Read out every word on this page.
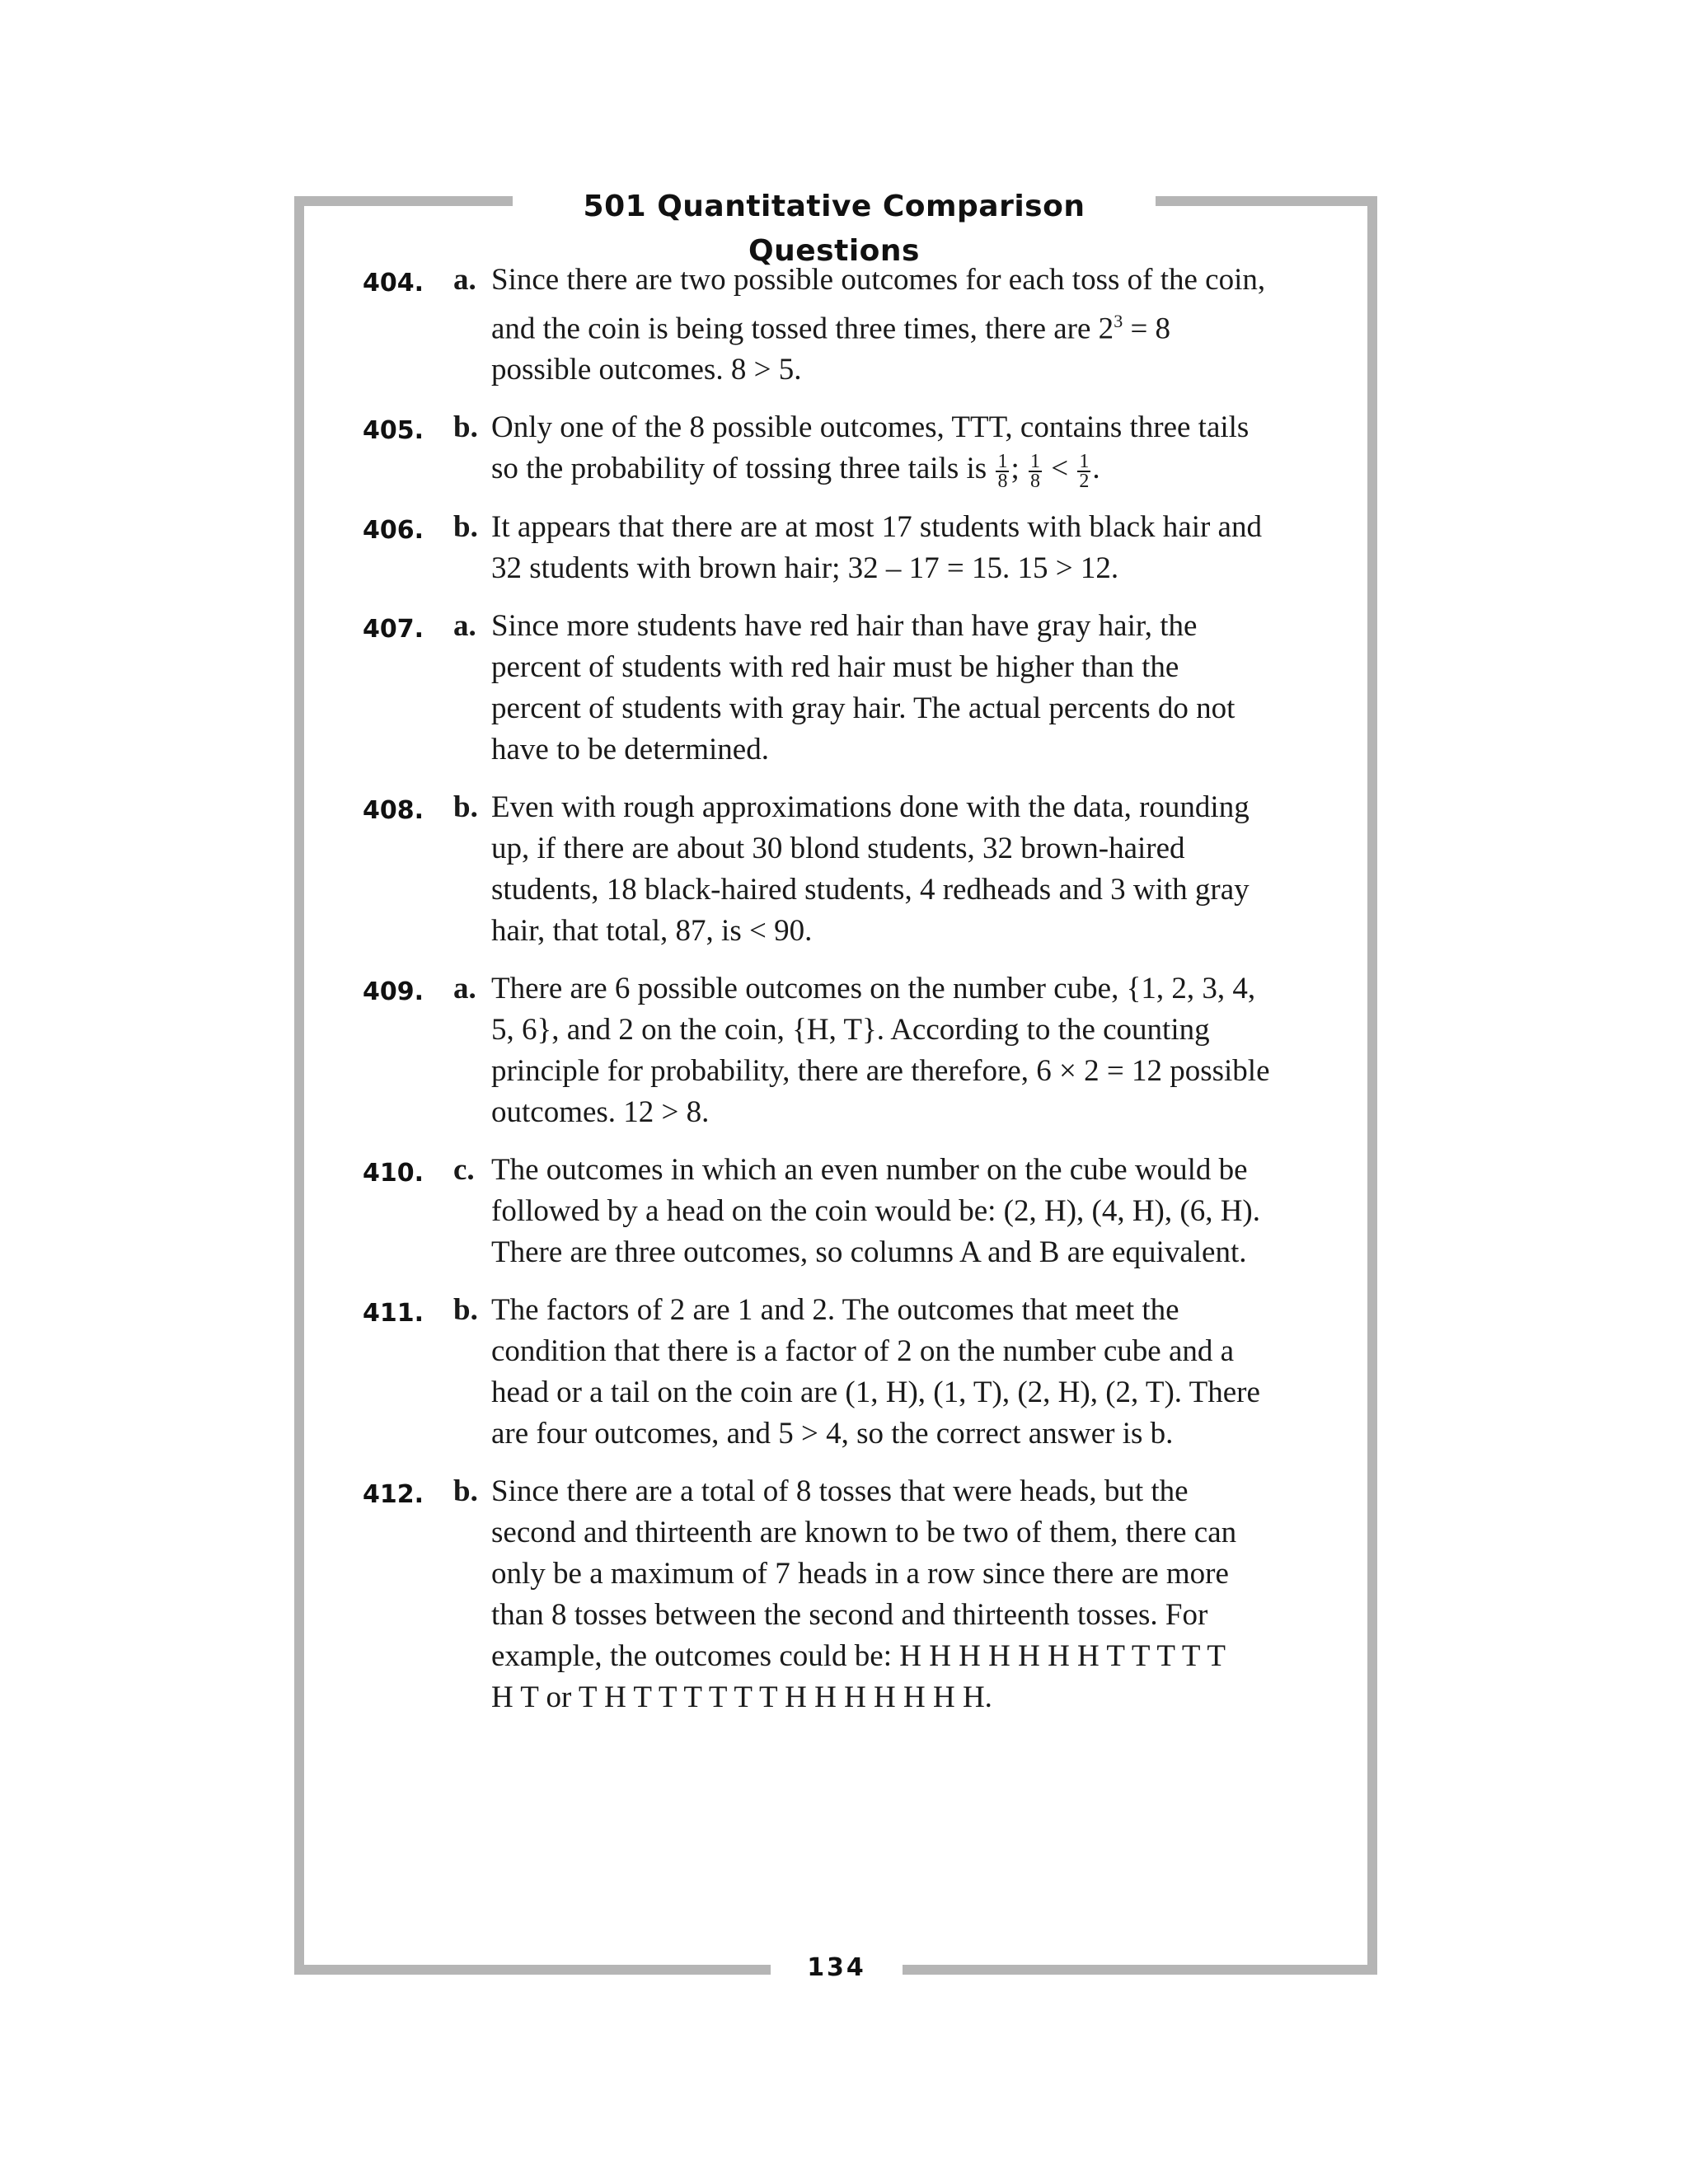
501 Quantitative Comparison Questions
134
404. a. Since there are two possible outcomes for each toss of the coin,
and the coin is being tossed three times, there are $2^3 = 8$
possible outcomes. 8 > 5.
405. b. Only one of the 8 possible outcomes, TTT, contains three tails
so the probability of tossing three tails is $\frac{1}{8}$ ; $\frac{1}{8} < \frac{1}{2}$ .
406. b. It appears that there are at most 17 students with black hair and
32 students with brown hair; 32 – 17 = 15. 15 > 12.
407. a. Since more students have red hair than have gray hair, the
percent of students with red hair must be higher than the
percent of students with gray hair. The actual percents do not
have to be determined.
408. b. Even with rough approximations done with the data, rounding
up, if there are about 30 blond students, 32 brown-haired
students, 18 black-haired students, 4 redheads and 3 with gray
hair, that total, 87, is < 90.
409. a. There are 6 possible outcomes on the number cube, {1, 2, 3, 4,
5, 6}, and 2 on the coin, {H, T}. According to the counting
principle for probability, there are therefore, 6 × 2 = 12 possible
outcomes. 12 > 8.
410. c. The outcomes in which an even number on the cube would be
followed by a head on the coin would be: (2, H), (4, H), (6, H).
There are three outcomes, so columns A and B are equivalent.
411. b. The factors of 2 are 1 and 2. The outcomes that meet the
condition that there is a factor of 2 on the number cube and a
head or a tail on the coin are (1, H), (1, T), (2, H), (2, T). There
are four outcomes, and 5 > 4, so the correct answer is b.
412. b. Since there are a total of 8 tosses that were heads, but the
second and thirteenth are known to be two of them, there can
only be a maximum of 7 heads in a row since there are more
than 8 tosses between the second and thirteenth tosses. For
example, the outcomes could be: H H H H H H H T T T T T
H T or T H T T T T T T H H H H H H H.
